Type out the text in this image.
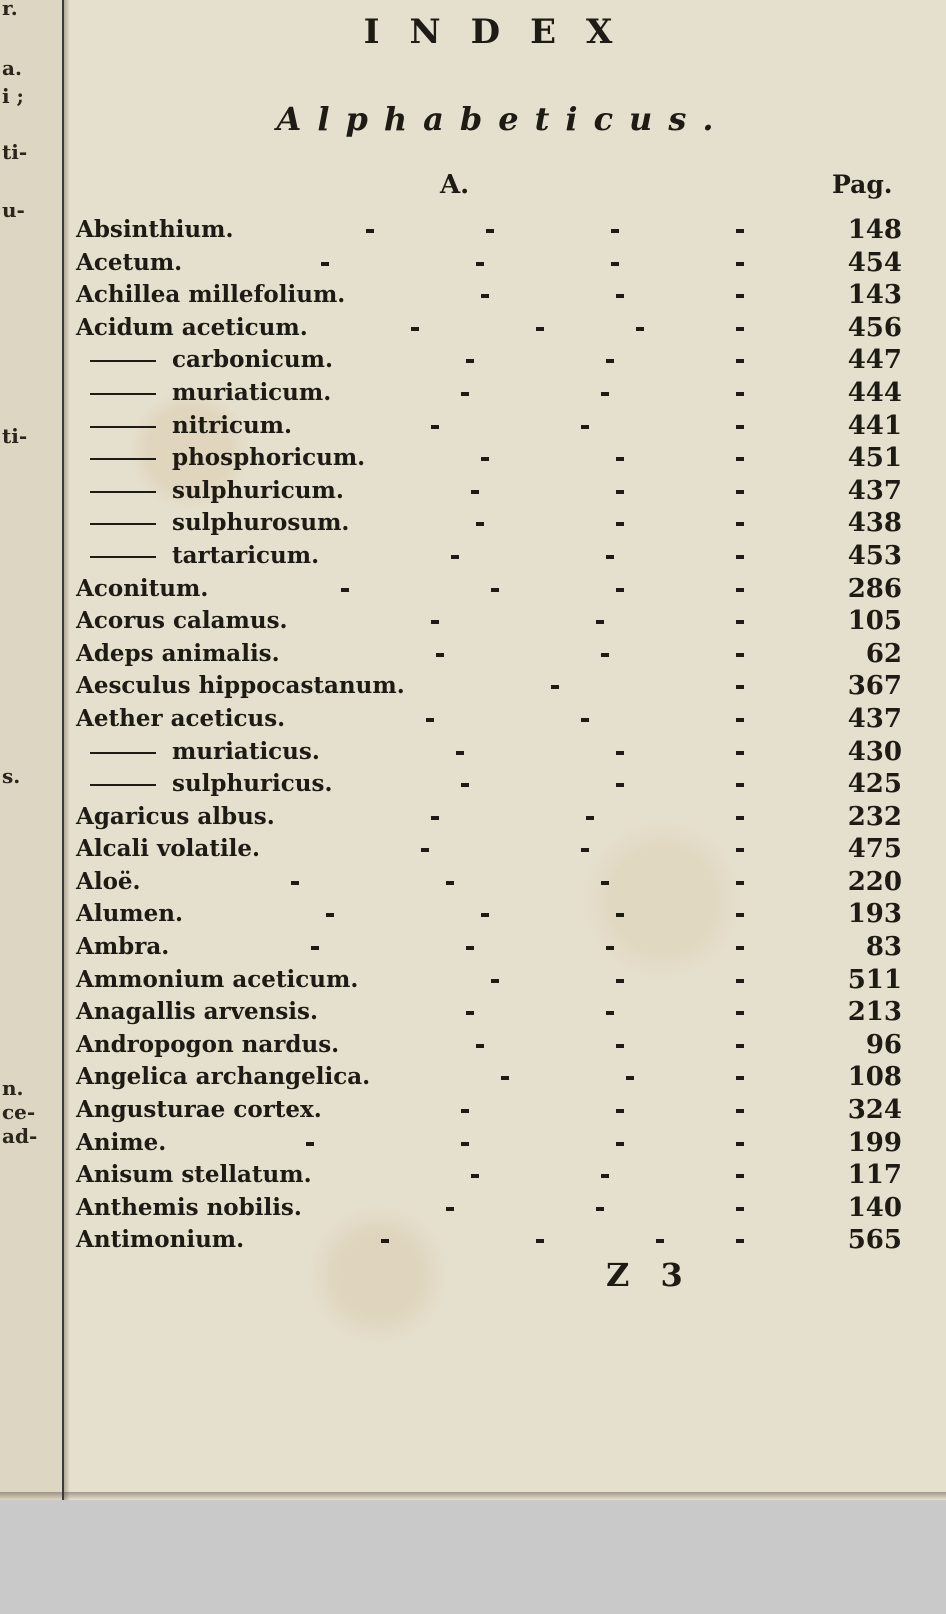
r.
a.
i ;
ti-
u-
ti-
s.
n.
ce-
ad-
INDEX
Alphabeticus.
A.	Pag.
Absinthium.	148
Acetum.	454
Achillea millefolium.	143
Acidum aceticum.	456
carbonicum.	447
muriaticum.	444
nitricum.	441
phosphoricum.	451
sulphuricum.	437
sulphurosum.	438
tartaricum.	453
Aconitum.	286
Acorus calamus.	105
Adeps animalis.	62
Aesculus hippocastanum.	367
Aether aceticus.	437
muriaticus.	430
sulphuricus.	425
Agaricus albus.	232
Alcali volatile.	475
Aloë.	220
Alumen.	193
Ambra.	83
Ammonium aceticum.	511
Anagallis arvensis.	213
Andropogon nardus.	96
Angelica archangelica.	108
Angusturae cortex.	324
Anime.	199
Anisum stellatum.	117
Anthemis nobilis.	140
Antimonium.	565
Z 3
